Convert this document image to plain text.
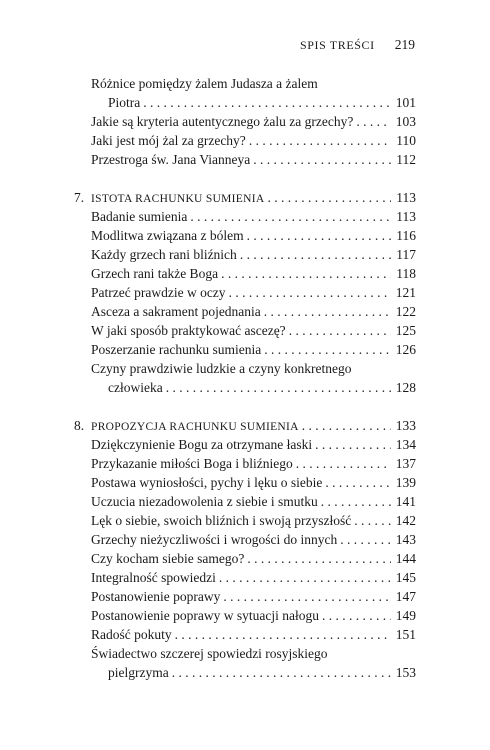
SPIS TREŚCI	219
Różnice pomiędzy żalem Judasza a żalem
Piotra . . .	101
Jakie są kryteria autentycznego żalu za grzechy? . . .	103
Jaki jest mój żal za grzechy? . . .	110
Przestroga św. Jana Vianneya . . .	112
7. ISTOTA RACHUNKU SUMIENIA . . .	113
Badanie sumienia . . .	113
Modlitwa związana z bólem . . .	116
Każdy grzech rani bliźnich . . .	117
Grzech rani także Boga . . .	118
Patrzeć prawdzie w oczy . . .	121
Asceza a sakrament pojednania . . .	122
W jaki sposób praktykować ascezę? . . .	125
Poszerzanie rachunku sumienia . . .	126
Czyny prawdziwie ludzkie a czyny konkretnego
człowieka . . .	128
8. PROPOZYCJA RACHUNKU SUMIENIA . . .	133
Dziękczynienie Bogu za otrzymane łaski . . .	134
Przykazanie miłości Boga i bliźniego . . .	137
Postawa wyniosłości, pychy i lęku o siebie . . .	139
Uczucia niezadowolenia z siebie i smutku . . .	141
Lęk o siebie, swoich bliźnich i swoją przyszłość . . .	142
Grzechy nieżyczliwości i wrogości do innych . . .	143
Czy kocham siebie samego? . . .	144
Integralność spowiedzi . . .	145
Postanowienie poprawy . . .	147
Postanowienie poprawy w sytuacji nałogu . . .	149
Radość pokuty . . .	151
Świadectwo szczerej spowiedzi rosyjskiego
pielgrzyma . . .	153
